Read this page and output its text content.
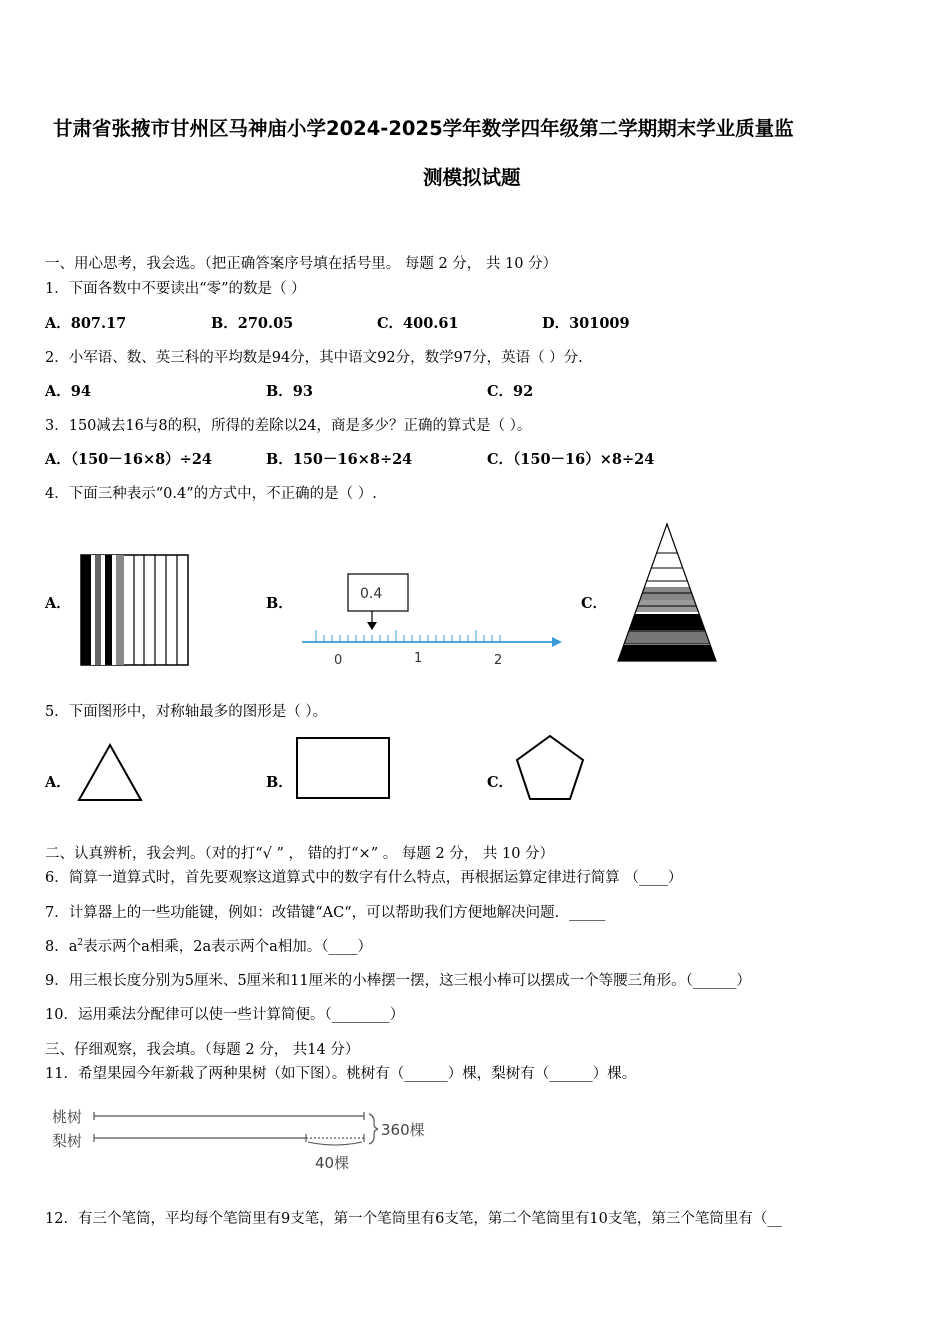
甘肃省张掖市甘州区马神庙小学2024-2025学年数学四年级第二学期期末学业质量监
测模拟试题
一、用心思考，我会选。（把正确答案序号填在括号里。 每题 2 分， 共 10 分）
1．下面各数中不要读出“零”的数是（ ）
A．807.17	B．270.05	C．400.61	D．301009
2．小军语、数、英三科的平均数是94分，其中语文92分，数学97分，英语（ ）分.
A．94	B．93	C．92
3．150减去16与8的积，所得的差除以24，商是多少？正确的算式是（ ）。
A．（150－16×8）÷24	B．150－16×8÷24	C．（150－16）×8÷24
4．下面三种表示“0.4”的方式中，不正确的是（ ）.
A．	B．	C．
0.4
0	1	2
5．下面图形中，对称轴最多的图形是（ ）。
A．	B．	C．
二、认真辨析，我会判。（对的打“√ ” ， 错的打“×” 。 每题 2 分， 共 10 分）
6．简算一道算式时，首先要观察这道算式中的数字有什么特点，再根据运算定律进行简算 （____）
7．计算器上的一些功能键，例如：改错键“AC“，可以帮助我们方便地解决问题．_____
8．$a^2$表示两个a相乘，2a表示两个a相加。（____）
9．用三根长度分别为5厘米、5厘米和11厘米的小棒摆一摆，这三根小棒可以摆成一个等腰三角形。（______）
10．运用乘法分配律可以使一些计算简便。（________）
三、仔细观察，我会填。（每题 2 分， 共14 分）
11．希望果园今年新栽了两种果树（如下图）。桃树有（______）棵，梨树有（______）棵。
桃树
梨树
360棵
40棵
12．有三个笔筒，平均每个笔筒里有9支笔，第一个笔筒里有6支笔，第二个笔筒里有10支笔，第三个笔筒里有（__
